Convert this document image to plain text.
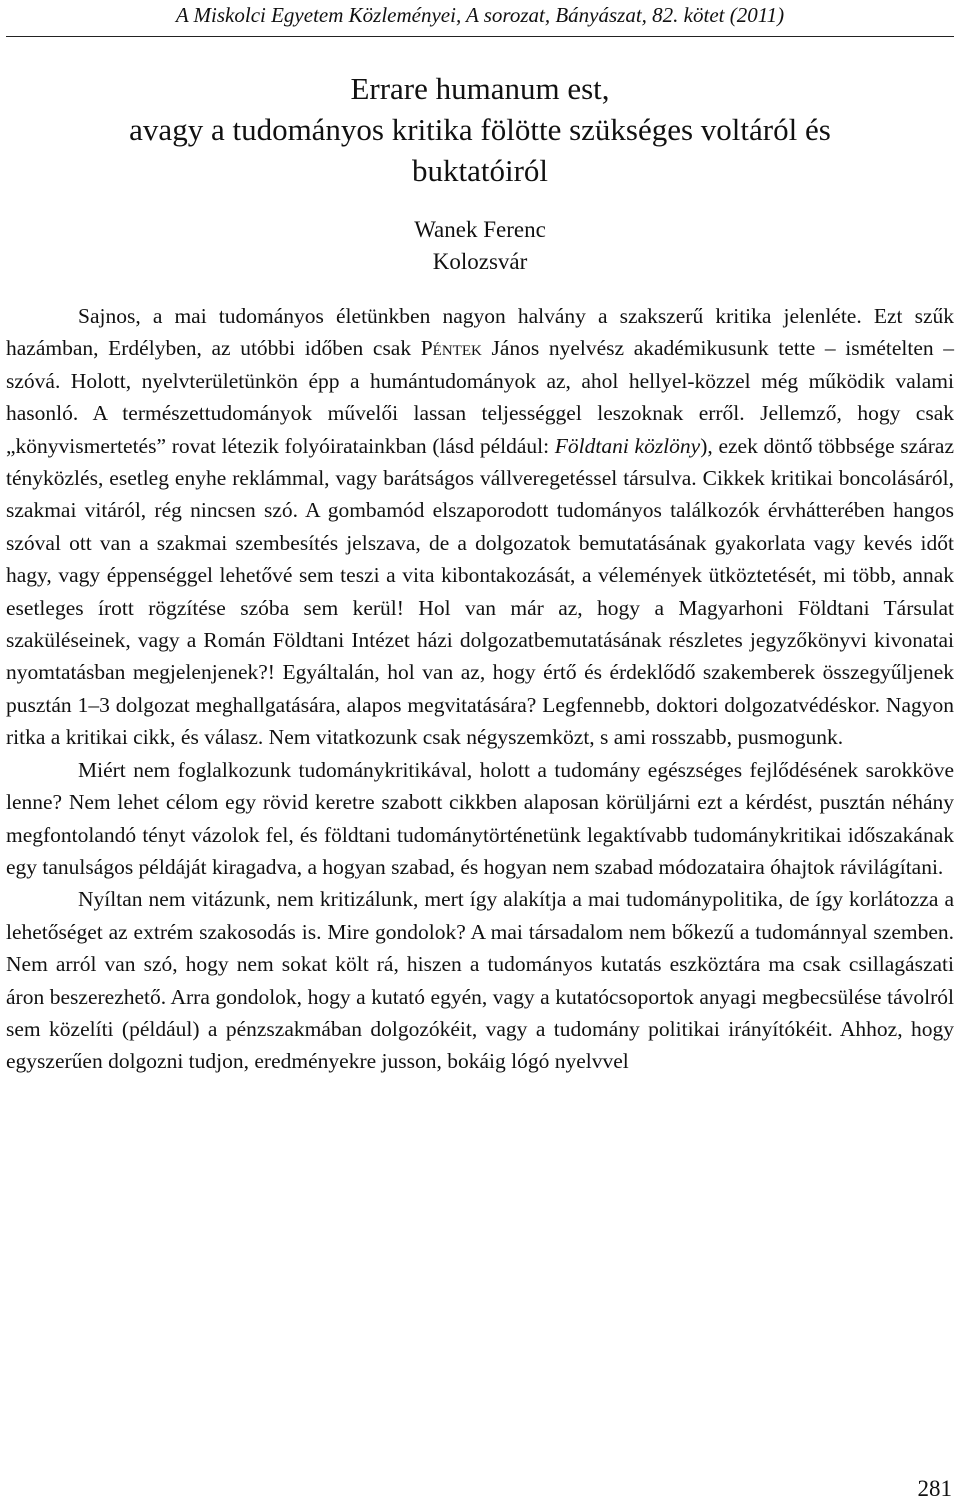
A Miskolci Egyetem Közleményei, A sorozat, Bányászat, 82. kötet (2011)
Errare humanum est,
avagy a tudományos kritika fölötte szükséges voltáról és
buktatóiról
Wanek Ferenc
Kolozsvár

Sajnos, a mai tudományos életünkben nagyon halvány a szakszerű kritika jelenléte. Ezt szűk hazámban, Erdélyben, az utóbbi időben csak Péntek János nyelvész akadémikusunk tette – ismételten – szóvá. Holott, nyelvterületünkön épp a humántudományok az, ahol hellyel-közzel még működik valami hasonló. A természettudományok művelői lassan teljességgel leszoknak erről. Jellemző, hogy csak „könyvismertetés” rovat létezik folyóiratainkban (lásd például: Földtani közlöny), ezek döntő többsége száraz tényközlés, esetleg enyhe reklámmal, vagy barátságos vállveregetéssel társulva. Cikkek kritikai boncolásáról, szakmai vitáról, rég nincsen szó. A gombamód elszaporodott tudományos találkozók érvhátterében hangos szóval ott van a szakmai szembesítés jelszava, de a dolgozatok bemutatásának gyakorlata vagy kevés időt hagy, vagy éppenséggel lehetővé sem teszi a vita kibontakozását, a vélemények ütköztetését, mi több, annak esetleges írott rögzítése szóba sem kerül! Hol van már az, hogy a Magyarhoni Földtani Társulat szaküléseinek, vagy a Román Földtani Intézet házi dolgozatbemutatásának részletes jegyzőkönyvi kivonatai nyomtatásban megjelenjenek?! Egyáltalán, hol van az, hogy értő és érdeklődő szakemberek összegyűljenek pusztán 1–3 dolgozat meghallgatására, alapos megvitatására? Legfennebb, doktori dolgozatvédéskor. Nagyon ritka a kritikai cikk, és válasz. Nem vitatkozunk csak négyszemközt, s ami rosszabb, pusmogunk.

Miért nem foglalkozunk tudománykritikával, holott a tudomány egészséges fejlődésének sarokköve lenne? Nem lehet célom egy rövid keretre szabott cikkben alaposan körüljárni ezt a kérdést, pusztán néhány megfontolandó tényt vázolok fel, és földtani tudománytörténetünk legaktívabb tudománykritikai időszakának egy tanulságos példáját kiragadva, a hogyan szabad, és hogyan nem szabad módozataira óhajtok rávilágítani.

Nyíltan nem vitázunk, nem kritizálunk, mert így alakítja a mai tudománypolitika, de így korlátozza a lehetőséget az extrém szakosodás is. Mire gondolok? A mai társadalom nem bőkezű a tudománnyal szemben. Nem arról van szó, hogy nem sokat költ rá, hiszen a tudományos kutatás eszköztára ma csak csillagászati áron beszerezhető. Arra gondolok, hogy a kutató egyén, vagy a kutatócsoportok anyagi megbecsülése távolról sem közelíti (például) a pénzszakmában dolgozókéit, vagy a tudomány politikai irányítókéit. Ahhoz, hogy egyszerűen dolgozni tudjon, eredményekre jusson, bokáig lógó nyelvvel

281
